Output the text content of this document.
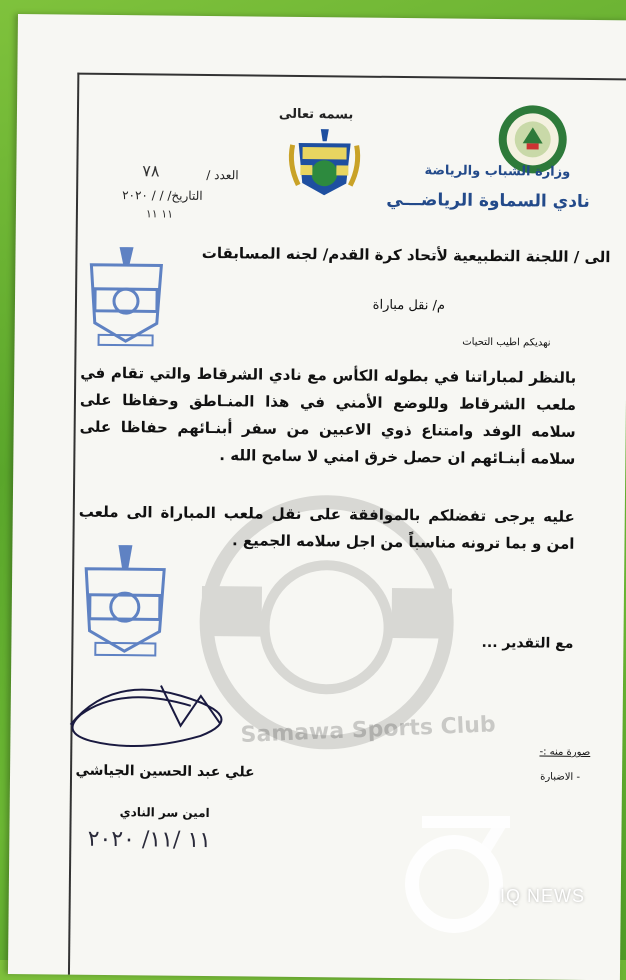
Samawa Sports Club
وزارة الشباب والرياضة
نادي السماوة الرياضـــي
بسمه تعالى
العدد /
٧٨
التاريخ/ / / ٢٠٢٠
١١ ١١
الى / اللجنة التطبيعية لأتحاد كرة القدم/ لجنه المسابقات
م/ نقل مباراة
نهديكم اطيب التحيات
بالنظر لمباراتنا في بطوله الكأس مع نادي الشرقاط والتي تقام في ملعب الشرقاط وللوضع الأمني في هذا المنـاطق وحفاظا على سلامه الوفد وامتناع ذوي الاعبين من سفر أبنـائهم حفاظا على سلامه أبنـائهم ان حصل خرق امني لا سامح الله .
عليه يرجى تفضلكم بالموافقة على نقل ملعب المباراة الى ملعب امن و بما ترونه مناسباً من اجل سلامه الجميع .
مع التقدير ...
علي عبد الحسين الجياشي
امين سر النادي
١١ /١١/ ٢٠٢٠
صورة منه :-
- الاضبارة
IQ NEWS
